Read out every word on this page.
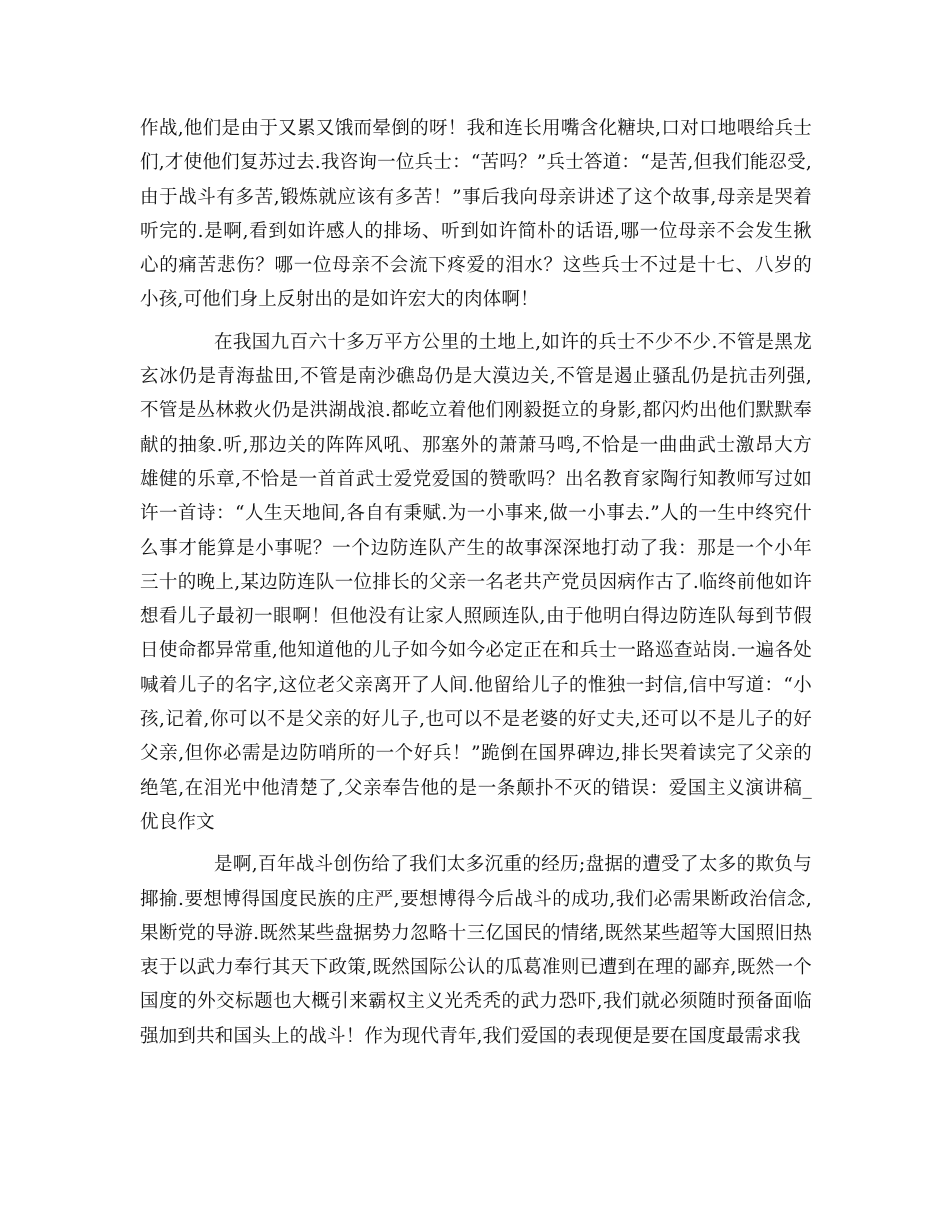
作战,他们是由于又累又饿而晕倒的呀！我和连长用嘴含化糖块,口对口地喂给兵士们,才使他们复苏过去.我咨询一位兵士：“苦吗？”兵士答道：“是苦,但我们能忍受,由于战斗有多苦,锻炼就应该有多苦！”事后我向母亲讲述了这个故事,母亲是哭着听完的.是啊,看到如许感人的排场、听到如许简朴的话语,哪一位母亲不会发生揪心的痛苦悲伤？哪一位母亲不会流下疼爱的泪水？这些兵士不过是十七、八岁的小孩,可他们身上反射出的是如许宏大的肉体啊！

在我国九百六十多万平方公里的土地上,如许的兵士不少不少.不管是黑龙玄冰仍是青海盐田,不管是南沙礁岛仍是大漠边关,不管是遏止骚乱仍是抗击列强,不管是丛林救火仍是洪湖战浪.都屹立着他们刚毅挺立的身影,都闪灼出他们默默奉献的抽象.听,那边关的阵阵风吼、那塞外的萧萧马鸣,不恰是一曲曲武士激昂大方雄健的乐章,不恰是一首首武士爱党爱国的赞歌吗？出名教育家陶行知教师写过如许一首诗：“人生天地间,各自有秉赋.为一小事来,做一小事去.”人的一生中终究什么事才能算是小事呢？一个边防连队产生的故事深深地打动了我：那是一个小年三十的晚上,某边防连队一位排长的父亲一名老共产党员因病作古了.临终前他如许想看儿子最初一眼啊！但他没有让家人照顾连队,由于他明白得边防连队每到节假日使命都异常重,他知道他的儿子如今如今必定正在和兵士一路巡查站岗.一遍各处喊着儿子的名字,这位老父亲离开了人间.他留给儿子的惟独一封信,信中写道：“小孩,记着,你可以不是父亲的好儿子,也可以不是老婆的好丈夫,还可以不是儿子的好父亲,但你必需是边防哨所的一个好兵！”跪倒在国界碑边,排长哭着读完了父亲的绝笔,在泪光中他清楚了,父亲奉告他的是一条颠扑不灭的错误：爱国主义演讲稿_优良作文

是啊,百年战斗创伤给了我们太多沉重的经历;盘据的遭受了太多的欺负与揶揄.要想博得国度民族的庄严,要想博得今后战斗的成功,我们必需果断政治信念,果断党的导游.既然某些盘据势力忽略十三亿国民的情绪,既然某些超等大国照旧热衷于以武力奉行其天下政策,既然国际公认的瓜葛准则已遭到在理的鄙弃,既然一个国度的外交标题也大概引来霸权主义光秃秃的武力恐吓,我们就必须随时预备面临强加到共和国头上的战斗！作为现代青年,我们爱国的表现便是要在国度最需求我
